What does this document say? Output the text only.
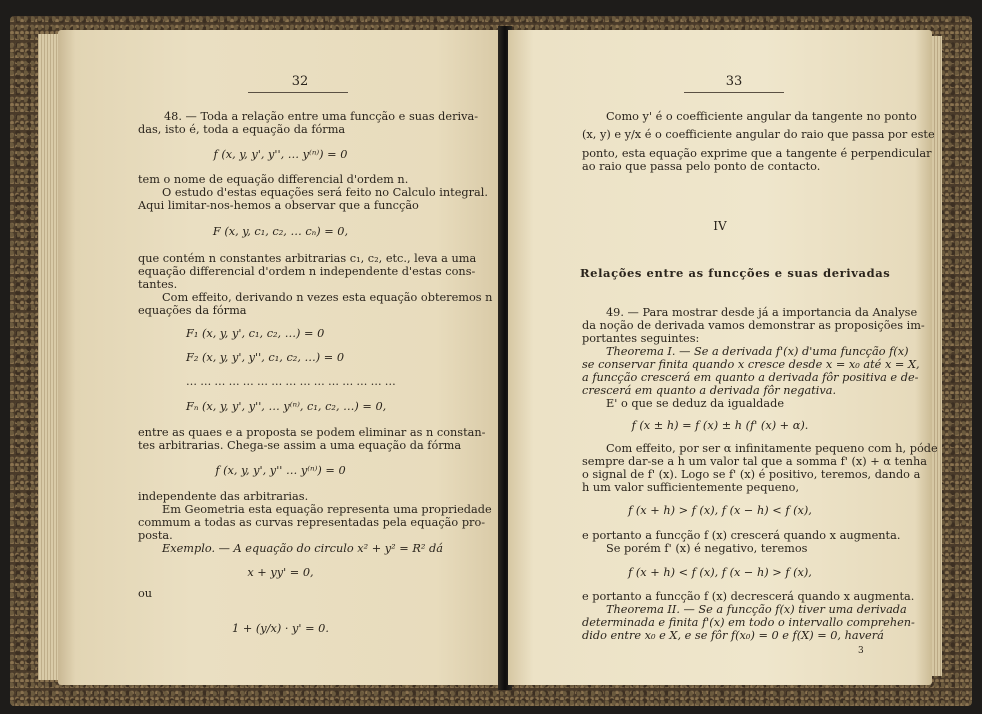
32
48. — Toda a relação entre uma funcção e suas deriva-
das, isto é, toda a equação da fórma
f (x, y, y', y'', … y⁽ⁿ⁾) = 0
tem o nome de equação differencial d'ordem n.
O estudo d'estas equações será feito no Calculo integral.
Aqui limitar-nos-hemos a observar que a funcção
F (x, y, c₁, c₂, … cₙ) = 0,
que contém n constantes arbitrarias c₁, c₂, etc., leva a uma
equação differencial d'ordem n independente d'estas cons-
tantes.
Com effeito, derivando n vezes esta equação obteremos n
equações da fórma
F₁ (x, y, y', c₁, c₂, …) = 0
F₂ (x, y, y', y'', c₁, c₂, …) = 0
………………………………………
Fₙ (x, y, y', y'', … y⁽ⁿ⁾, c₁, c₂, …) = 0,
entre as quaes e a proposta se podem eliminar as n constan-
tes arbitrarias. Chega-se assim a uma equação da fórma
f (x, y, y', y'' … y⁽ⁿ⁾) = 0
independente das arbitrarias.
Em Geometria esta equação representa uma propriedade
commum a todas as curvas representadas pela equação pro-
posta.
Exemplo. — A equação do circulo x² + y² = R² dá
x + yy' = 0,
ou
1 + (y/x) · y' = 0.
33
Como y' é o coefficiente angular da tangente no ponto
(x, y) e y/x é o coefficiente angular do raio que passa por este
ponto, esta equação exprime que a tangente é perpendicular
ao raio que passa pelo ponto de contacto.
IV
Relações entre as funcções e suas derivadas
49. — Para mostrar desde já a importancia da Analyse
da noção de derivada vamos demonstrar as proposições im-
portantes seguintes:
Theorema I. — Se a derivada f'(x) d'uma funcção f(x)
se conservar finita quando x cresce desde x = x₀ até x = X,
a funcção crescerá em quanto a derivada fôr positiva e de-
crescerá em quanto a derivada fôr negativa.
E' o que se deduz da igualdade
f (x ± h) = f (x) ± h (f' (x) + α).
Com effeito, por ser α infinitamente pequeno com h, póde
sempre dar-se a h um valor tal que a somma f' (x) + α tenha
o signal de f' (x). Logo se f' (x) é positivo, teremos, dando a
h um valor sufficientemente pequeno,
f (x + h) > f (x), f (x − h) < f (x),
e portanto a funcção f (x) crescerá quando x augmenta.
Se porém f' (x) é negativo, teremos
f (x + h) < f (x), f (x − h) > f (x),
e portanto a funcção f (x) decrescerá quando x augmenta.
Theorema II. — Se a funcção f(x) tiver uma derivada
determinada e finita f'(x) em todo o intervallo comprehen-
dido entre x₀ e X, e se fôr f(x₀) = 0 e f(X) = 0, haverá
3
